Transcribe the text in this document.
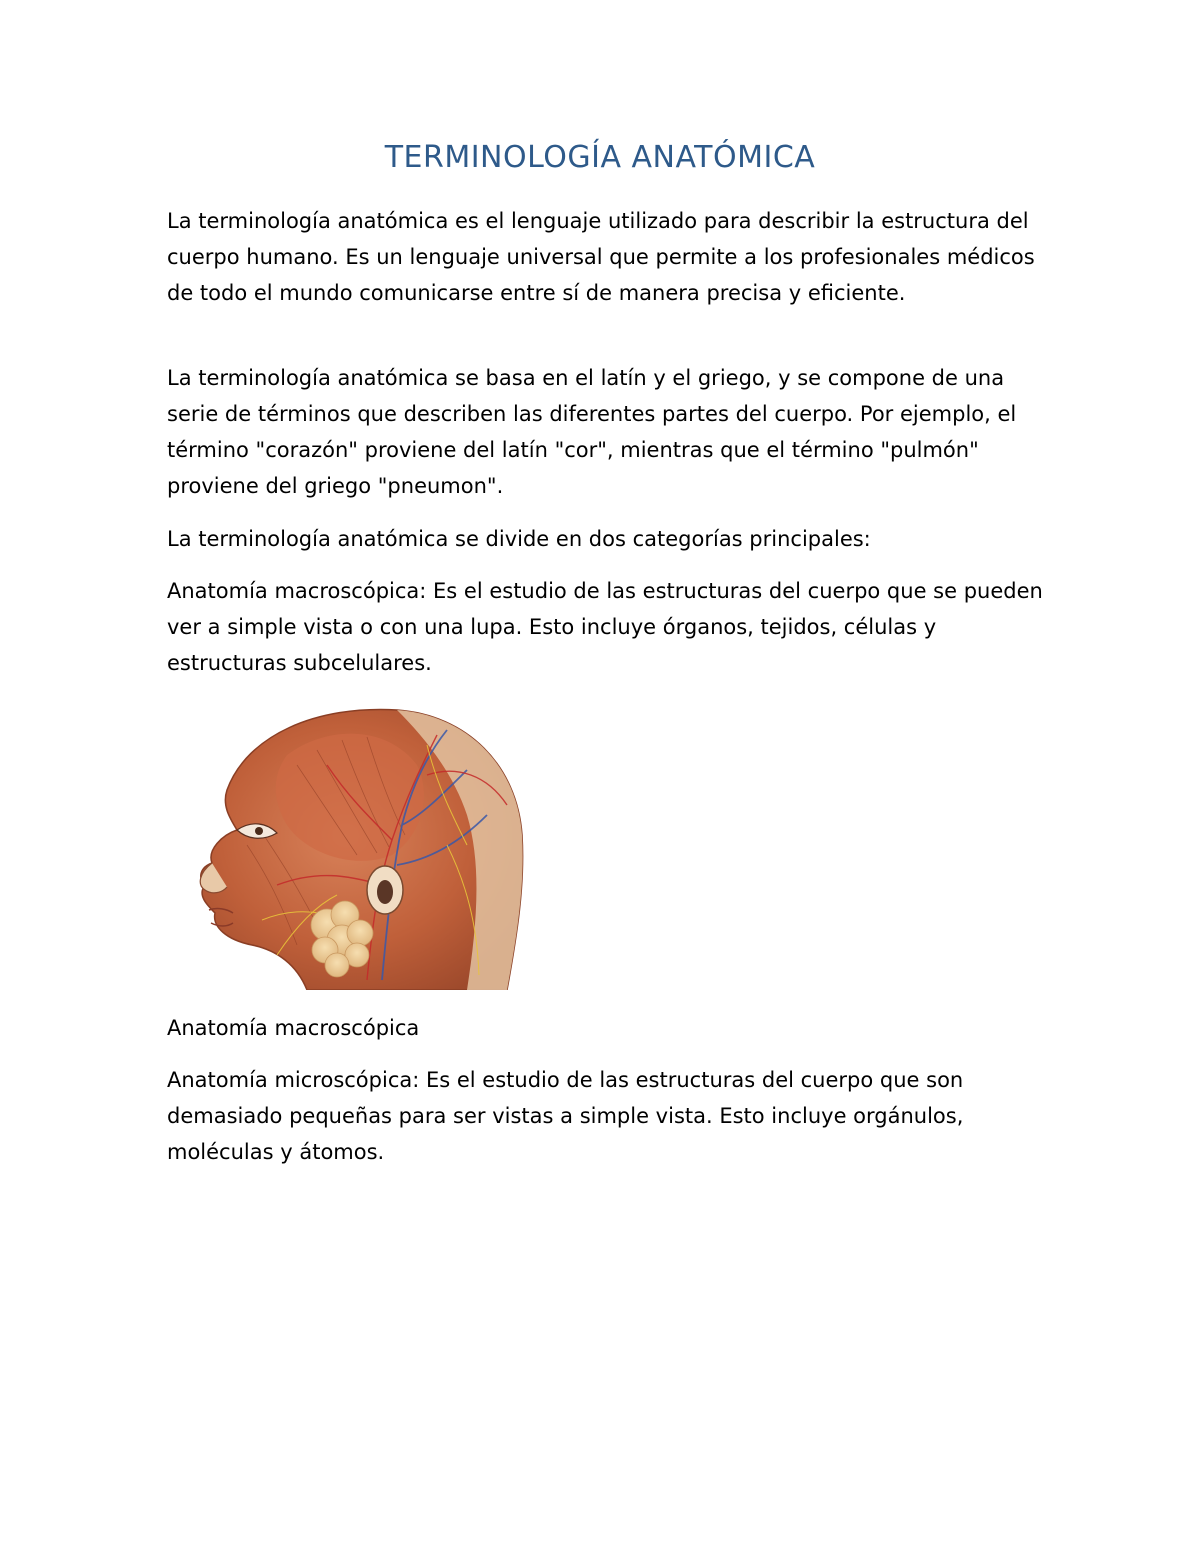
TERMINOLOGÍA ANATÓMICA

La terminología anatómica es el lenguaje utilizado para describir la estructura del cuerpo humano. Es un lenguaje universal que permite a los profesionales médicos de todo el mundo comunicarse entre sí de manera precisa y eficiente.

La terminología anatómica se basa en el latín y el griego, y se compone de una serie de términos que describen las diferentes partes del cuerpo. Por ejemplo, el término "corazón" proviene del latín "cor", mientras que el término "pulmón" proviene del griego "pneumon".

La terminología anatómica se divide en dos categorías principales:

Anatomía macroscópica: Es el estudio de las estructuras del cuerpo que se pueden ver a simple vista o con una lupa. Esto incluye órganos, tejidos, células y estructuras subcelulares.

Anatomía macroscópica

Anatomía microscópica: Es el estudio de las estructuras del cuerpo que son demasiado pequeñas para ser vistas a simple vista. Esto incluye orgánulos, moléculas y átomos.
